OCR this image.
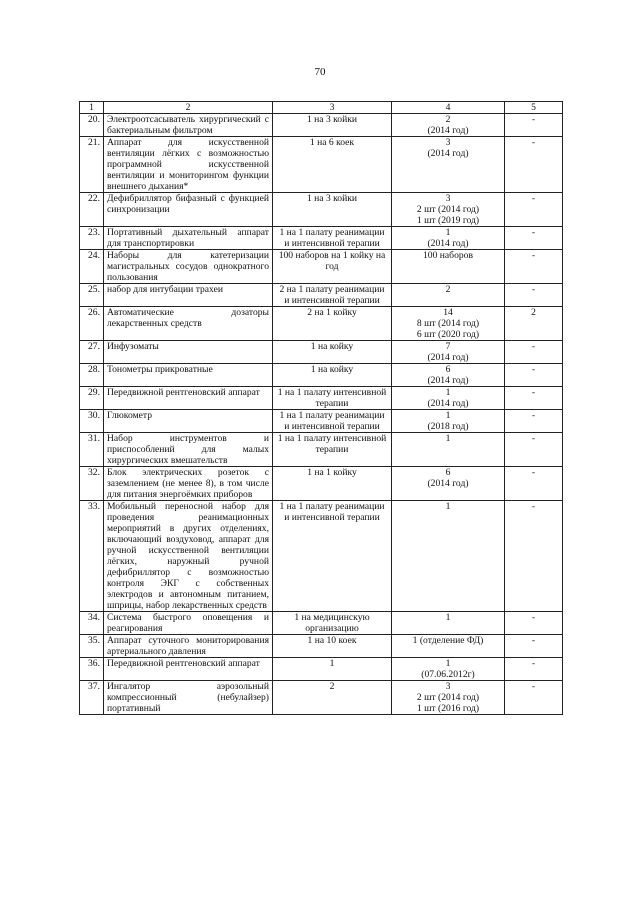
70
1	2	3	4	5
20.	Электроотсасыватель хирургический с бактериальным фильтром	1 на 3 койки	2
(2014 год)	-
21.	Аппарат для искусственной вентиляции лёгких с возможностью программной искусственной вентиляции и мониторингом функции внешнего дыхания*	1 на 6 коек	3
(2014 год)	-
22.	Дефибриллятор бифазный с функцией синхронизации	1 на 3 койки	3
2 шт (2014 год)
1 шт (2019 год)	-
23.	Портативный дыхательный аппарат для транспортировки	1 на 1 палату реанимации и интенсивной терапии	1
(2014 год)	-
24.	Наборы для катетеризации магистральных сосудов однократного пользования	100 наборов на 1 койку на год	100 наборов	-
25.	набор для интубации трахеи	2 на 1 палату реанимации и интенсивной терапии	2	-
26.	Автоматические дозаторы лекарственных средств	2 на 1 койку	14
8 шт (2014 год)
6 шт (2020 год)	2
27.	Инфузоматы	1 на койку	7
(2014 год)	-
28.	Тонометры прикроватные	1 на койку	6
(2014 год)	-
29.	Передвижной рентгеновский аппарат	1 на 1 палату интенсивной терапии	1
(2014 год)	-
30.	Глюкометр	1 на 1 палату реанимации и интенсивной терапии	1
(2018 год)	-
31.	Набор инструментов и приспособлений для малых хирургических вмешательств	1 на 1 палату интенсивной терапии	1	-
32.	Блок электрических розеток с заземлением (не менее 8), в том числе для питания энергоёмких приборов	1 на 1 койку	6
(2014 год)	-
33.	Мобильный переносной набор для проведения реанимационных мероприятий в других отделениях, включающий воздуховод, аппарат для ручной искусственной вентиляции лёгких, наружный ручной дефибриллятор с возможностью контроля ЭКГ с собственных электродов и автономным питанием, шприцы, набор лекарственных средств	1 на 1 палату реанимации и интенсивной терапии	1	-
34.	Система быстрого оповещения и реагирования	1 на медицинскую организацию	1	-
35.	Аппарат суточного мониторирования артериального давления	1 на 10 коек	1 (отделение ФД)	-
36.	Передвижной рентгеновский аппарат	1	1
(07.06.2012г)	-
37.	Ингалятор аэрозольный компрессионный (небулайзер) портативный	2	3
2 шт (2014 год)
1 шт (2016 год)	-
